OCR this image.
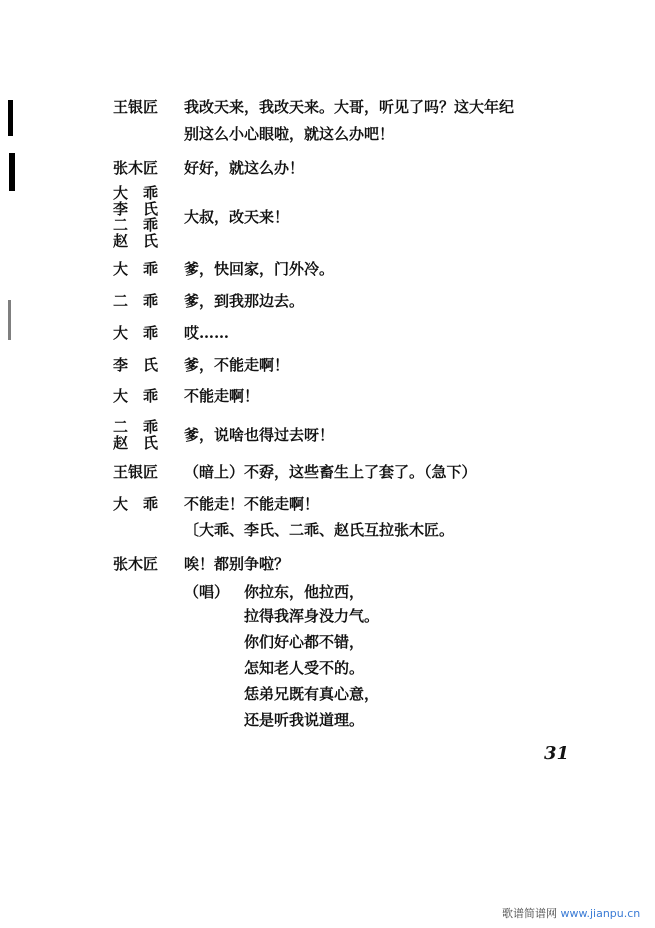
王银匠 我改天来，我改天来。大哥，听见了吗？这大年纪
别这么小心眼啦，就这么办吧！
张木匠 好好，就这么办！
大　乖
李　氏
二　乖
赵　氏
大叔，改天来！
大　乖 爹，快回家，门外冷。
二　乖 爹，到我那边去。
大　乖 哎……
李　氏 爹，不能走啊！
大　乖 不能走啊！
二　乖
赵　氏 爹，说啥也得过去呀！
王银匠 （暗上）不孬，这些畜生上了套了。（急下）
大　乖 不能走！不能走啊！
〔大乖、李氏、二乖、赵氏互拉张木匠。
张木匠 唉！都别争啦？
（唱） 你拉东，他拉西，
拉得我浑身没力气。
你们好心都不错，
怎知老人受不的。
恁弟兄既有真心意，
还是听我说道理。
31
歌谱简谱网 www.jianpu.cn
